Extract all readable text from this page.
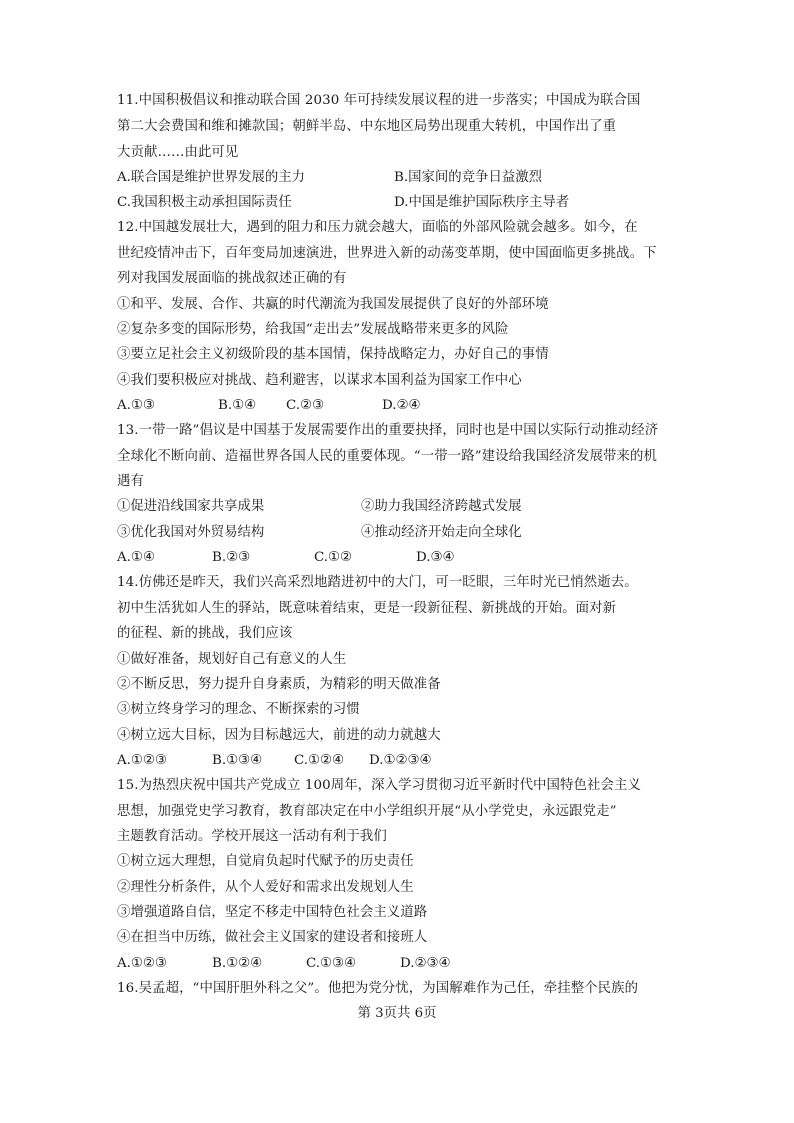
11.中国积极倡议和推动联合国 2030 年可持续发展议程的进一步落实；中国成为联合国
第二大会费国和维和摊款国；朝鲜半岛、中东地区局势出现重大转机，中国作出了重
大贡献……由此可见
A.联合国是维护世界发展的主力	B.国家间的竞争日益激烈
C.我国积极主动承担国际责任	D.中国是维护国际秩序主导者
12.中国越发展壮大，遇到的阻力和压力就会越大，面临的外部风险就会越多。如今，在
世纪疫情冲击下，百年变局加速演进，世界进入新的动荡变革期，使中国面临更多挑战。下
列对我国发展面临的挑战叙述正确的有
①和平、发展、合作、共赢的时代潮流为我国发展提供了良好的外部环境
②复杂多变的国际形势，给我国“走出去”发展战略带来更多的风险
③要立足社会主义初级阶段的基本国情，保持战略定力，办好自己的事情
④我们要积极应对挑战、趋利避害，以谋求本国利益为国家工作中心
A.①③	B.①④ C.②③	D.②④
13.一带一路”倡议是中国基于发展需要作出的重要抉择，同时也是中国以实际行动推动经济
全球化不断向前、造福世界各国人民的重要体现。“一带一路”建设给我国经济发展带来的机
遇有
①促进沿线国家共享成果	②助力我国经济跨越式发展
③优化我国对外贸易结构	④推动经济开始走向全球化
A.①④	B.②③	C.①②	D.③④
14.仿佛还是昨天，我们兴高采烈地踏进初中的大门，可一眨眼，三年时光已悄然逝去。
初中生活犹如人生的驿站，既意味着结束，更是一段新征程、新挑战的开始。面对新
的征程、新的挑战，我们应该
①做好准备，规划好自己有意义的人生
②不断反思，努力提升自身素质，为精彩的明天做准备
③树立终身学习的理念、不断探索的习惯
④树立远大目标，因为目标越远大，前进的动力就越大
A.①②③	B.①③④ C.①②④ D.①②③④
15.为热烈庆祝中国共产党成立 100周年，深入学习贯彻习近平新时代中国特色社会主义
思想，加强党史学习教育，教育部决定在中小学组织开展“从小学党史，永远跟党走”
主题教育活动。学校开展这一活动有利于我们
①树立远大理想，自觉肩负起时代赋予的历史责任
②理性分析条件，从个人爱好和需求出发规划人生
③增强道路自信，坚定不移走中国特色社会主义道路
④在担当中历练，做社会主义国家的建设者和接班人
A.①②③	B.①②④	C.①③④	D.②③④
16.吴孟超，“中国肝胆外科之父”。他把为党分忧，为国解难作为己任，牵挂整个民族的
第 3页共 6页
